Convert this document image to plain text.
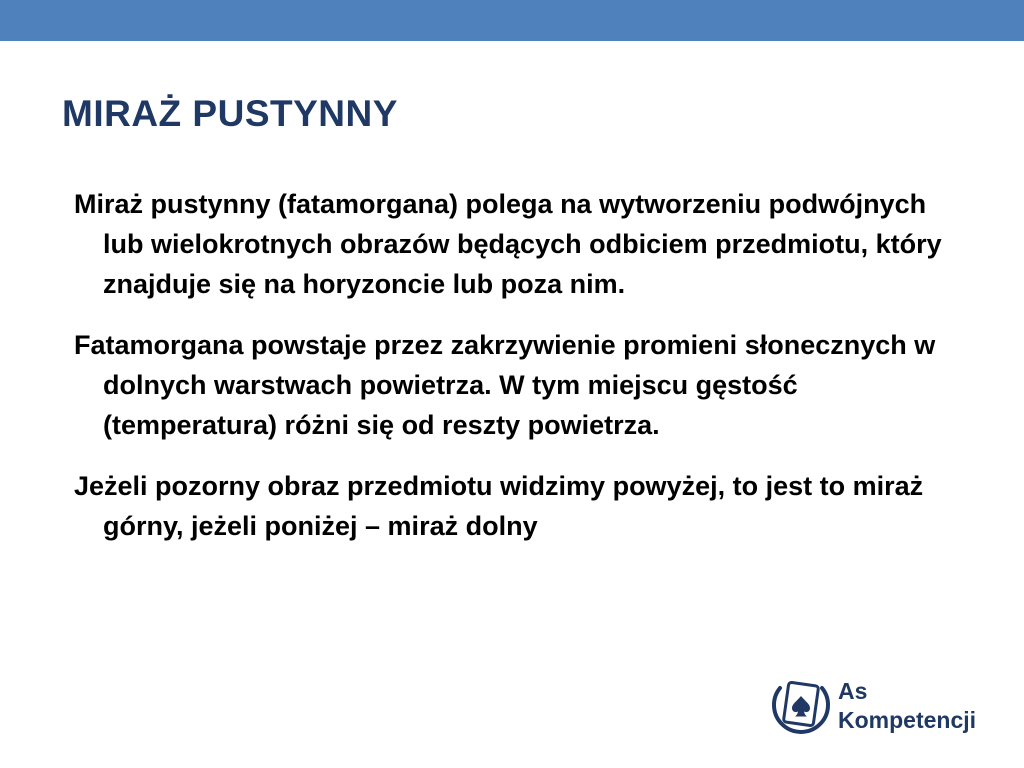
MIRAŻ PUSTYNNY
Miraż pustynny (fatamorgana) polega na wytworzeniu podwójnych lub wielokrotnych obrazów będących odbiciem przedmiotu, który znajduje się na horyzoncie lub poza nim.
Fatamorgana powstaje przez zakrzywienie promieni słonecznych w dolnych warstwach powietrza. W tym miejscu gęstość (temperatura) różni się od reszty powietrza.
Jeżeli pozorny obraz przedmiotu widzimy powyżej, to jest to miraż górny, jeżeli poniżej – miraż dolny
As
Kompetencji
